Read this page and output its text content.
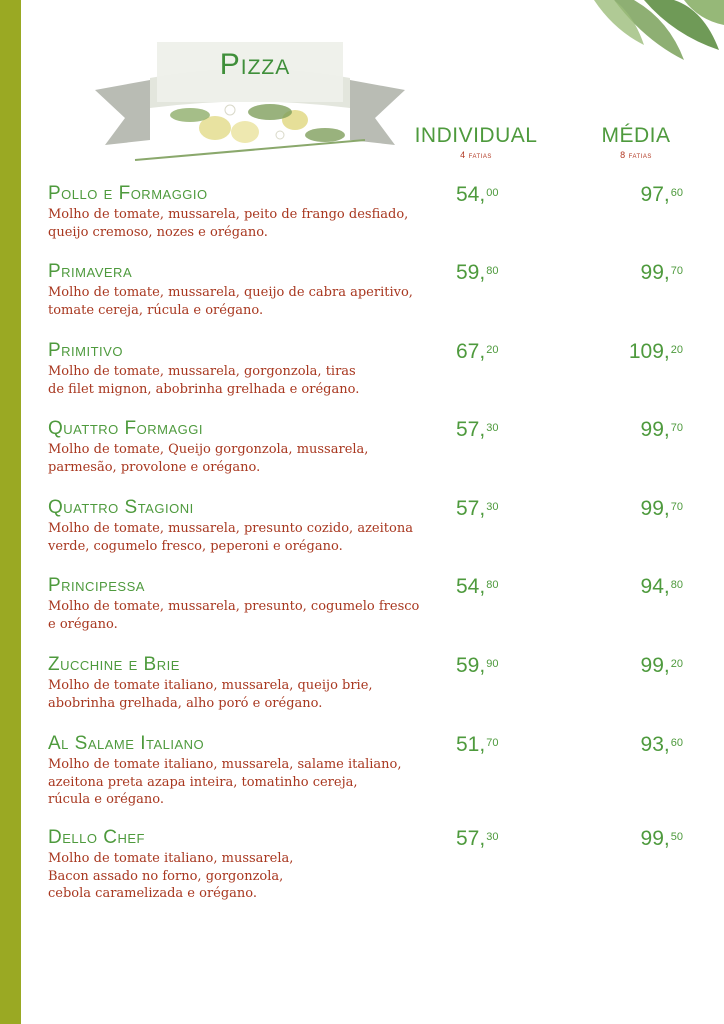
Pizza
INDIVIDUAL
4 fatias
MÉDIA
8 fatias
Pollo e Formaggio
Molho de tomate, mussarela, peito de frango desfiado,
queijo cremoso, nozes e orégano.
54,00	97,60
Primavera
Molho de tomate, mussarela, queijo de cabra aperitivo,
tomate cereja, rúcula e orégano.
59,80	99,70
Primitivo
Molho de tomate, mussarela, gorgonzola, tiras
de filet mignon, abobrinha grelhada e orégano.
67,20	109,20
Quattro Formaggi
Molho de tomate, Queijo gorgonzola, mussarela,
parmesão, provolone e orégano.
57,30	99,70
Quattro Stagioni
Molho de tomate, mussarela, presunto cozido, azeitona
verde, cogumelo fresco, peperoni e orégano.
57,30	99,70
Principessa
Molho de tomate, mussarela, presunto, cogumelo fresco
e orégano.
54,80	94,80
Zucchine e Brie
Molho de tomate italiano, mussarela, queijo brie,
abobrinha grelhada, alho poró e orégano.
59,90	99,20
Al Salame Italiano
Molho de tomate italiano, mussarela, salame italiano,
azeitona preta azapa inteira, tomatinho cereja,
rúcula e orégano.
51,70	93,60
Dello Chef
Molho de tomate italiano, mussarela,
Bacon assado no forno, gorgonzola,
cebola caramelizada e orégano.
57,30	99,50
